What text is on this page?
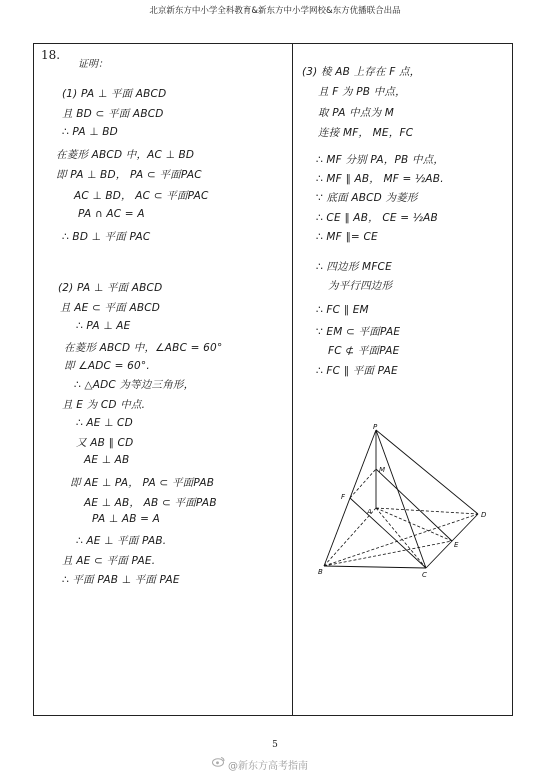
北京新东方中小学全科教育&新东方中小学网校&东方优播联合出品
18.
证明：
(1) PA ⊥ 平面 ABCD
且 BD ⊂ 平面 ABCD
∴ PA ⊥ BD
在菱形 ABCD 中，AC ⊥ BD
即 PA ⊥ BD， PA ⊂ 平面PAC
AC ⊥ BD， AC ⊂ 平面PAC
PA ∩ AC = A
∴ BD ⊥ 平面 PAC
(2) PA ⊥ 平面 ABCD
且 AE ⊂ 平面 ABCD
∴ PA ⊥ AE
在菱形 ABCD 中，∠ABC = 60°
即 ∠ADC = 60°.
∴ △ADC 为等边三角形，
且 E 为 CD 中点.
∴ AE ⊥ CD
又 AB ∥ CD
AE ⊥ AB
即 AE ⊥ PA， PA ⊂ 平面PAB
AE ⊥ AB， AB ⊂ 平面PAB
PA ⊥ AB = A
∴ AE ⊥ 平面 PAB.
且 AE ⊂ 平面 PAE.
∴ 平面 PAB ⊥ 平面 PAE
(3) 棱 AB 上存在 F 点，
且 F 为 PB 中点，
取 PA 中点为 M
连接 MF， ME，FC
∴ MF 分别 PA，PB 中点，
∴ MF ∥ AB， MF = ½AB.
∵ 底面 ABCD 为菱形
∴ CE ∥ AB， CE = ½AB
∴ MF ∥= CE
∴ 四边形 MFCE
为平行四边形
∴ FC ∥ EM
∵ EM ⊂ 平面PAE
FC ⊄ 平面PAE
∴ FC ∥ 平面 PAE
P
M
F
A
B	C
D
E
5
@新东方高考指南
